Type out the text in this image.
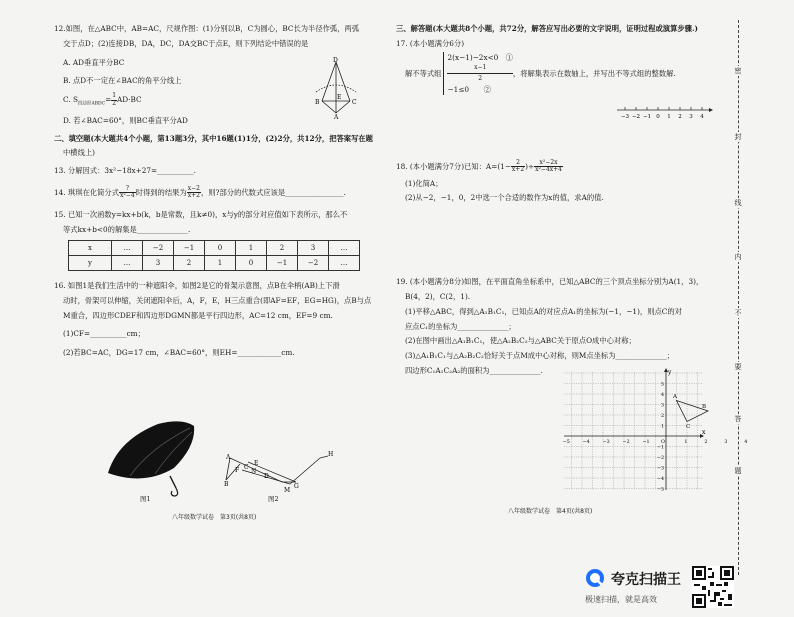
12.如图，在△ABC中，AB=AC，尺规作图：(1)分别以B，C为圆心，BC长为半径作弧，两弧

交于点D；(2)连接DB，DA，DC，DA交BC于点E，则下列结论中错误的是

A. AD垂直平分BC

B. 点D不一定在∠BAC的角平分线上

C. $S_{四边形ABDC}= \frac{1}{2} AD\cdot BC$

D. 若∠BAC=60°，则BC垂直平分AD

二、填空题(本大题共4个小题，第13题3分，其中16题(1)1分，(2)2分，共12分，把答案写在题

中横线上)

13. 分解因式：3x²−18x+27=__________.

14. 琪琪在化简分式 $\frac{?}{\text{x²−4}}$ 时得到的结果为 $\frac{x-2}{x+2}$ ，则?部分的代数式应该是________________.

15. 已知一次函数y=kx+b(k，b是常数，且k≠0)，x与y的部分对应值如下表所示，那么不

等式kx+b<0的解集是______________.

x	…	−2	−1	0	1	2	3	…
y	…	3	2	1	0	−1	−2	…

16. 如图1是我们生活中的一种遮阳伞，如图2是它的骨架示意图，点B在伞柄(AB)上下滑

动时，骨架可以伸缩，关闭遮阳伞后，A，F，E，H三点重合(即AF=EF，EG=HG)，点B与点

M重合，四边形CDEF和四边形DGMN都是平行四边形，AC=12 cm，EF=9 cm.

(1)CF=__________cm；

(2)若BC=AC，DG=17 cm，∠BAC=60°，则EH=____________cm.

D
B
E
C
A
图1
A
F C
N
B
M
G
E
H
D
图2
八年级数学试卷　第3页(共8页)

三、解答题(本大题共8个小题，共72分，解答应写出必要的文字说明，证明过程或演算步骤.)

17. (本小题满分6分)

解不等式组
2(x−1)−2x<0　①
x−1
2
−1≤0　　②
，将解集表示在数轴上，并写出不等式组的整数解.

−3 −2 −1 0 1 2 3 4

18. (本小题满分7分)已知：$A=(1- \frac{2}{x+2}$ )÷ $\frac{\text{x²−2x}}{\text{x²−4x+4}}$

(1)化简A；

(2)从−2，−1，0，2中选一个合适的数作为x的值，求A的值.

19. (本小题满分8分)如图，在平面直角坐标系中，已知△ABC的三个顶点坐标分别为A(1，3)，

B(4，2)，C(2，1).

(1)平移△ABC，得到△A₁B₁C₁，已知点A的对应点A₁的坐标为(−1，−1)，则点C的对

应点C₁的坐标为______________；

(2)在图中画出△A₁B₁C₁，使△A₂B₂C₂与△ABC关于原点O成中心对称；

(3)△A₁B₁C₁与△A₂B₂C₂恰好关于点M成中心对称，则M点坐标为______________；

四边形C₁A₁C₂A₂的面积为______________.

x
y
−5	−4	−3	−2	−1 O	1	2	3	4
5
4
3
2
1
−1
−2
−3
−4
−5
A
B
C
八年级数学试卷　第4页(共8页)
密
封
线
内
不
要
答
题
夸克扫描王
极速扫描，就是高效
